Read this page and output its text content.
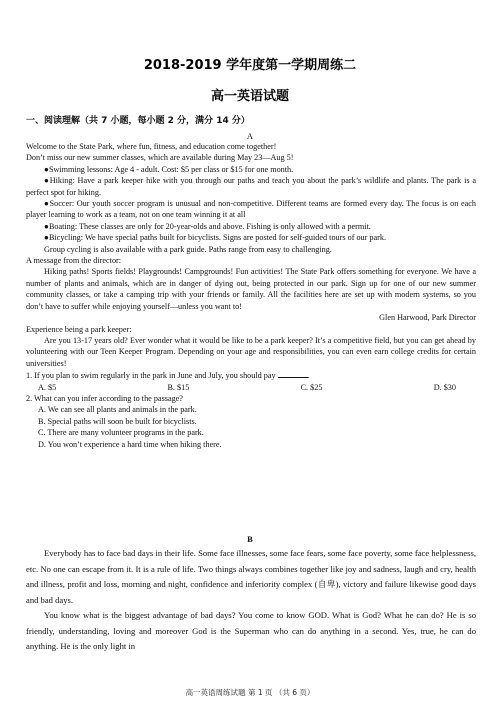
2018-2019 学年度第一学期周练二
高一英语试题
一、阅读理解（共 7 小题，每小题 2 分，满分 14 分）
A

Welcome to the State Park, where fun, fitness, and education come together!

Don’t miss our new summer classes, which are available during May 23—Aug 5!

●Swimming lessons: Age 4 - adult. Cost: $5 per class or $15 for one month.

●Hiking: Have a park keeper hike with you through our paths and teach you about the park’s wildlife and plants. The park is a perfect spot for hiking.

●Soccer: Our youth soccer program is unusual and non-competitive. Different teams are formed every day. The focus is on each player learning to work as a team, not on one team winning it at all

●Boating: These classes are only for 20-year-olds and above. Fishing is only allowed with a permit.

●Bicycling: We have special paths built for bicyclists. Signs are posted for self-guided tours of our park.

Group cycling is also available with a park guide. Paths range from easy to challenging.

A message from the director:

Hiking paths! Sports fields! Playgrounds! Campgrounds! Fun activities! The State Park offers something for everyone. We have a number of plants and animals, which are in danger of dying out, being protected in our park. Sign up for one of our new summer community classes, or take a camping trip with your friends or family. All the facilities here are set up with modern systems, so you don’t have to suffer while enjoying yourself—unless you want to!

Glen Harwood, Park Director

Experience being a park keeper:

Are you 13-17 years old? Ever wonder what it would be like to be a park keeper? It’s a competitive field, but you can get ahead by volunteering with our Teen Keeper Program. Depending on your age and responsibilities, you can even earn college credits for certain universities!

1. If you plan to swim regularly in the park in June and July, you should pay	.

A. $5	B. $15	C. $25	D. $30

2. What can you infer according to the passage?

A. We can see all plants and animals in the park.

B. Special paths will soon be built for bicyclists.

C. There are many volunteer programs in the park.

D. You won’t experience a hard time when hiking there.

B

Everybody has to face bad days in their life. Some face illnesses, some face fears, some face poverty, some face helplessness, etc. No one can escape from it. It is a rule of life. Two things always combines together like joy and sadness, laugh and cry, health and illness, profit and loss, morning and night, confidence and inferiority complex (自卑), victory and failure likewise good days and bad days.

You know what is the biggest advantage of bad days? You come to know GOD. What is God? What he can do? He is so friendly, understanding, loving and moreover God is the Superman who can do anything in a second. Yes, true, he can do anything. He is the only light in

高一英语周练试题 第 1 页 （共 6 页）
